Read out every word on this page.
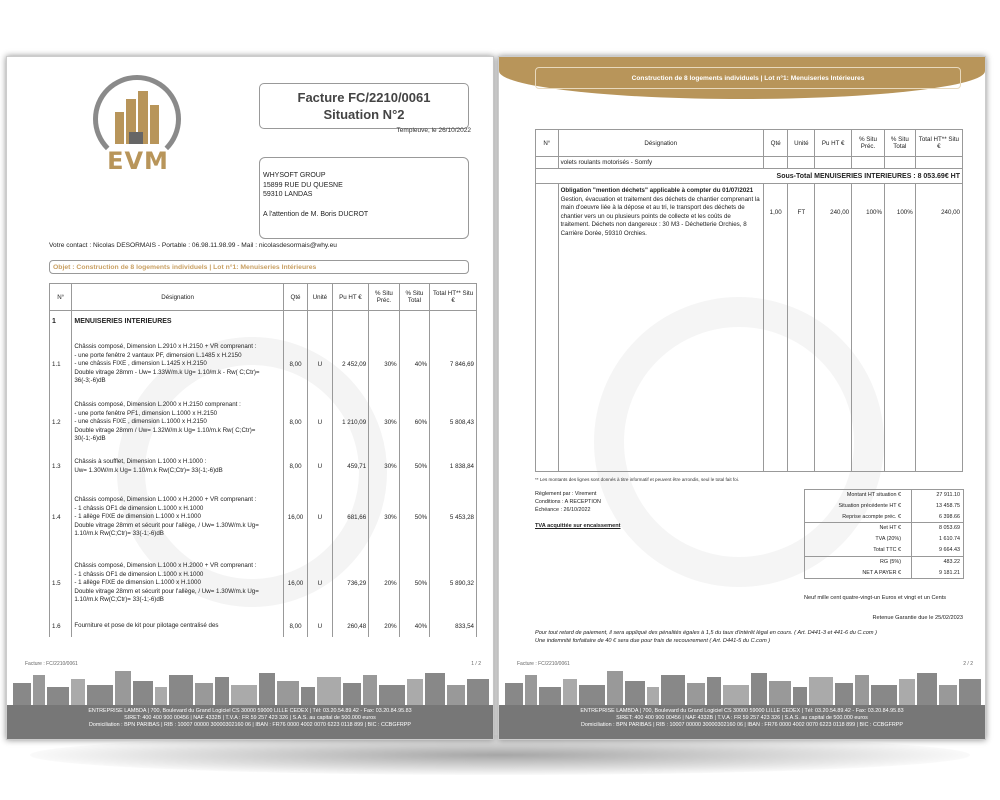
EVM
Facture FC/2210/0061
Situation N°2
Templeuve, le 26/10/2022
WHYSOFT GROUP
15899 RUE DU QUESNE
59310 LANDAS
A l'attention de M. Boris DUCROT
Votre contact : Nicolas DESORMAIS - Portable : 06.98.11.98.99 - Mail : nicolasdesormais@why.eu
Objet : Construction de 8 logements individuels | Lot n°1: Menuiseries Intérieures
N°	Désignation	Qté	Unité	Pu HT €	% Situ Préc.	% Situ Total	Total HT** Situ €
1	MENUISERIES INTERIEURES						
1.1	Châssis composé, Dimension L.2910 x H.2150 + VR comprenant :
- une porte fenêtre 2 vantaux PF, dimension L.1485 x H.2150
- une châssis FIXE , dimension L.1425 x H.2150
Double vitrage 28mm - Uw= 1.33W/m.k Ug= 1.10/m.k - Rw( C;Ctr)= 36(-3;-6)dB	8,00	U	2 452,09	30%	40%	7 846,69
1.2	Châssis composé, Dimension L.2000 x H.2150 comprenant :
- une porte fenêtre PF1, dimension L.1000 x H.2150
- une châssis FIXE , dimension L.1000 x H.2150
Double vitrage 28mm / Uw= 1.32W/m.k Ug= 1.10/m.k Rw( C;Ctr)= 30(-1;-6)dB	8,00	U	1 210,09	30%	60%	5 808,43
1.3	Châssis à soufflet, Dimension L.1000 x H.1000 :
Uw= 1.30W/m.k Ug= 1.10/m.k Rw(C;Ctr)= 33(-1;-6)dB	8,00	U	459,71	30%	50%	1 838,84
1.4	Châssis composé, Dimension L.1000 x H.2000 + VR comprenant :
- 1 châssis OF1 de dimension L.1000 x H.1000
- 1 allège FIXE de dimension L.1000 x H.1000
Double vitrage 28mm et sécurit pour l'allège, / Uw= 1.30W/m.k Ug= 1.10/m.k Rw(C;Ctr)= 33(-1;-6)dB	16,00	U	681,66	30%	50%	5 453,28
1.5	Châssis composé, Dimension L.1000 x H.2000 + VR comprenant :
- 1 châssis OF1 de dimension L.1000 x H.1000
- 1 allège FIXE de dimension L.1000 x H.1000
Double vitrage 28mm et sécurit pour l'allège, / Uw= 1.30W/m.k Ug= 1.10/m.k Rw(C;Ctr)= 33(-1;-6)dB	16,00	U	736,29	20%	50%	5 890,32
1.6	Fourniture et pose de kit pour pilotage centralisé des	8,00	U	260,48	20%	40%	833,54
Facture : FC/2210/0061	1 / 2
ENTREPRISE LAMBDA | 700, Boulevard du Grand Logiciel CS 30000 59000 LILLE CEDEX | Tél: 03.20.54.89.42 - Fax: 03.20.84.95.83
SIRET: 400 400 900 00456 | NAF 4332B | T.V.A : FR 59 257 423 326 | S.A.S. au capital de 500.000 euros
Domiciliation : BPN PARIBAS | RIB : 10007 00000 30000302160 06 | IBAN : FR76 0000 4002 0070 6223 0118 899 | BIC : CCBGFRPP
Construction de 8 logements individuels | Lot n°1: Menuiseries Intérieures
Facture FC/2210/0061	2 / 2
N°	Désignation	Qté	Unité	Pu HT €	% Situ Préc.	% Situ Total	Total HT** Situ €
	volets roulants motorisés - Somfy						
Sous-Total MENUISERIES INTERIEURES : 8 053.69€ HT							

	Obligation "mention déchets" applicable à compter du 01/07/2021
Gestion, évacuation et traitement des déchets de chantier comprenant la main d'oeuvre liée à la dépose et au tri, le transport des déchets de chantier vers un ou plusieurs points de collecte et les coûts de traitement. Déchets non dangereux : 30 M3 - Déchetterie Orchies, 8 Carrière Dorée, 59310 Orchies.	1,00	FT	240,00	100%	100%	240,00

** Les montants des lignes sont donnés à titre informatif et peuvent être arrondis, seul le total fait foi.
Règlement par : Virement
Conditions : A RECEPTION
Échéance : 26/10/2022
TVA acquittée sur encaissement
Montant HT situation €	27 911.10
Situation précédente HT €	13 458.75
Reprise acompte préc. €	6 398.66
Net HT €	8 053.69
TVA (20%)	1 610.74
Total TTC €	9 664.43
RG (5%)	483.22
NET A PAYER €	9 181.21
Neuf mille cent quatre-vingt-un Euros et vingt et un Cents
Retenue Garantie due le 25/02/2023
Pour tout retard de paiement, il sera appliqué des pénalités égales à 1,5 du taux d'intérêt légal en cours. ( Art. D441-3 et 441-6 du C.com )
Une indemnité forfaitaire de 40 € sera due pour frais de recouvrement ( Art. D441-5 du C.com )
Facture : FC/2210/0061	2 / 2
ENTREPRISE LAMBDA | 700, Boulevard du Grand Logiciel CS 30000 59000 LILLE CEDEX | Tél: 03.20.54.89.42 - Fax: 03.20.84.95.83
SIRET: 400 400 900 00456 | NAF 4332B | T.V.A : FR 59 257 423 326 | S.A.S. au capital de 500.000 euros
Domiciliation : BPN PARIBAS | RIB : 10007 00000 30000302160 06 | IBAN : FR76 0000 4002 0070 6223 0118 899 | BIC : CCBGFRPP
